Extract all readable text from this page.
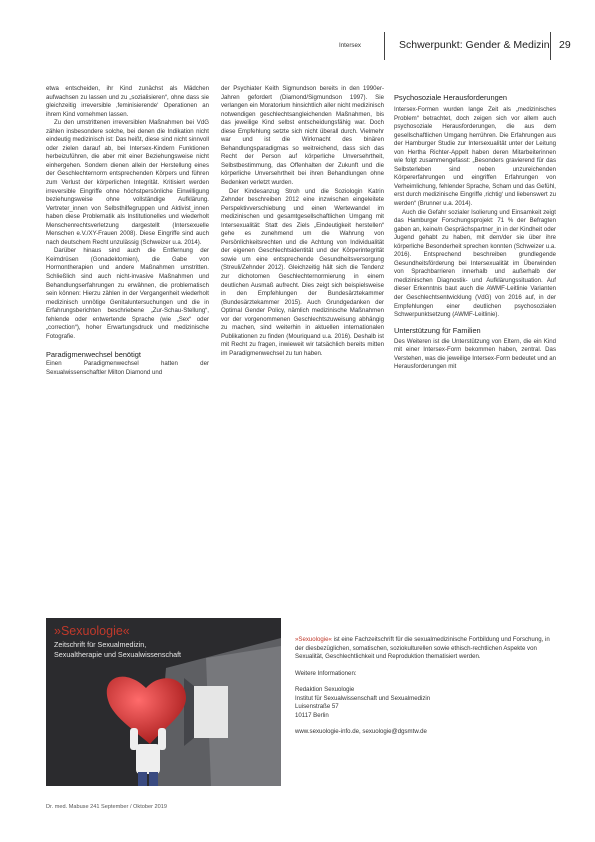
Intersex	Schwerpunkt: Gender & Medizin 29

etwa entscheiden, ihr Kind zunächst als Mädchen aufwachsen zu lassen und zu „sozialisieren“, ohne dass sie gleichzeitig irreversible ‚feminisierende‘ Operationen an ihrem Kind vornehmen lassen.

Zu den umstrittenen irreversiblen Maßnahmen bei VdG zählen insbesondere solche, bei denen die Indikation nicht eindeutig medizinisch ist: Das heißt, diese sind nicht sinnvoll oder zielen darauf ab, bei Intersex-Kindern Funktionen herbeizuführen, die aber mit einer Beziehungsweise nicht einhergehen. Sondern dienen allein der Herstellung eines der Geschlechternorm entsprechenden Körpers und führen zum Verlust der körperlichen Integrität. Kritisiert werden irreversible Eingriffe ohne höchstpersönliche Einwilligung beziehungsweise ohne vollständige Aufklärung. Vertreter_innen von Selbsthilfegruppen und Aktivist_innen haben diese Problematik als Institutionelles und wiederholt Menschenrechtsverletzung dargestellt (Intersexuelle Menschen e.V./XY-Frauen 2008). Diese Eingriffe sind auch nach deutschem Recht unzulässig (Schweizer u.a. 2014).

Darüber hinaus sind auch die Entfernung der Keimdrüsen (Gonadektomien), die Gabe von Hormontherapien und andere Maßnahmen umstritten. Schließlich sind auch nicht-invasive Maßnahmen und Behandlungserfahrungen zu erwähnen, die problematisch sein können: Hierzu zählen in der Vergangenheit wiederholt medizinisch unnötige Genitaluntersuchungen und die in Erfahrungsberichten beschriebene „Zur-Schau-Stellung“, fehlende oder entwertende Sprache (wie „Sex“ oder „correction“), hoher Erwartungsdruck und medizinische Fotografie.

Paradigmenwechsel benötigt

Einen Paradigmenwechsel hatten der Sexualwissenschaftler Milton Diamond und

der Psychiater Keith Sigmundson bereits in den 1990er-Jahren gefordert (Diamond/Sigmundson 1997). Sie verlangen ein Moratorium hinsichtlich aller nicht medizinisch notwendigen geschlechtsangleichenden Maßnahmen, bis das jeweilige Kind selbst entscheidungsfähig war. Doch diese Empfehlung setzte sich nicht überall durch. Vielmehr war und ist die Wirkmacht des binären Behandlungsparadigmas so weitreichend, dass sich das Recht der Person auf körperliche Unversehrtheit, Selbstbestimmung, das Offenhalten der Zukunft und die körperliche Unversehrtheit bei ihren Behandlungen ohne Bedenken verletzt wurden.

Der Kindesanzug Stroh und die Soziologin Katrin Zehnder beschreiben 2012 eine inzwischen eingeleitete Perspektivverschiebung und einen Wertewandel im medizinischen und gesamtgesellschaftlichen Umgang mit Intersexualität: Statt des Ziels „Eindeutigkeit herstellen“ gehe es zunehmend um die Wahrung von Persönlichkeitsrechten und die Achtung von Individualität der eigenen Geschlechtsidentität und der Körperintegrität sowie um eine entsprechende Gesundheitsversorgung (Streuli/Zehnder 2012). Gleichzeitig hält sich die Tendenz zur dichotomen Geschlechternormierung in einem deutlichen Ausmaß aufrecht. Dies zeigt sich beispielsweise in den Empfehlungen der Bundesärztekammer (Bundesärztekammer 2015). Auch Grundgedanken der Optimal Gender Policy, nämlich medizinische Maßnahmen vor der vorgenommenen Geschlechtszuweisung abhängig zu machen, sind weiterhin in aktuellen internationalen Publikationen zu finden (Mouriquand u.a. 2016). Deshalb ist mit Recht zu fragen, inwieweit wir tatsächlich bereits mitten im Paradigmenwechsel zu tun haben.

Psychosoziale Herausforderungen

Intersex-Formen wurden lange Zeit als „medizinisches Problem“ betrachtet, doch zeigen sich vor allem auch psychosoziale Herausforderungen, die aus dem gesellschaftlichen Umgang herrühren. Die Erfahrungen aus der Hamburger Studie zur Intersexualität unter der Leitung von Hertha Richter-Appelt haben deren Mitarbeiterinnen wie folgt zusammengefasst: „Besonders gravierend für das Selbsterleben sind neben unzureichenden Körpererfahrungen und eingriffen Erfahrungen von Verheimlichung, fehlender Sprache, Scham und das Gefühl, erst durch medizinische Eingriffe ‚richtig‘ und liebenswert zu werden“ (Brunner u.a. 2014).

Auch die Gefahr sozialer Isolierung und Einsamkeit zeigt das Hamburger Forschungsprojekt: 71 % der Befragten gaben an, keine/n Gesprächspartner_in in der Kindheit oder Jugend gehabt zu haben, mit dem/der sie über ihre körperliche Besonderheit sprechen konnten (Schweizer u.a. 2016). Entsprechend beschreiben grundlegende Gesundheitsförderung bei Intersexualität im Überwinden von Sprachbarrieren innerhalb und außerhalb der medizinischen Diagnostik- und Aufklärungssituation. Auf dieser Erkenntnis baut auch die AWMF-Leitlinie Varianten der Geschlechtsentwicklung (VdG) von 2016 auf, in der Empfehlungen einer deutlichen psychosozialen Schwerpunktsetzung (AWMF-Leitlinie).

Unterstützung für Familien

Des Weiteren ist die Unterstützung von Eltern, die ein Kind mit einer Intersex-Form bekommen haben, zentral. Das Verstehen, was die jeweilige Intersex-Form bedeutet und an Herausforderungen mit

»Sexuologie«
Zeitschrift für Sexualmedizin,
Sexualtherapie und Sexualwissenschaft

»Sexuologie« ist eine Fachzeitschrift für die sexualmedizinische Fortbildung und Forschung, in der diesbezüglichen, somatischen, soziokulturellen sowie ethisch-rechtlichen Aspekte von Sexualität, Geschlechtlichkeit und Reproduktion thematisiert werden.

Weitere Informationen:

Redaktion Sexuologie
Institut für Sexualwissenschaft und Sexualmedizin
Luisenstraße 57
10117 Berlin

www.sexuologie-info.de, sexuologie@dgsmtw.de

Dr. med. Mabuse 241 September / Oktober 2019
